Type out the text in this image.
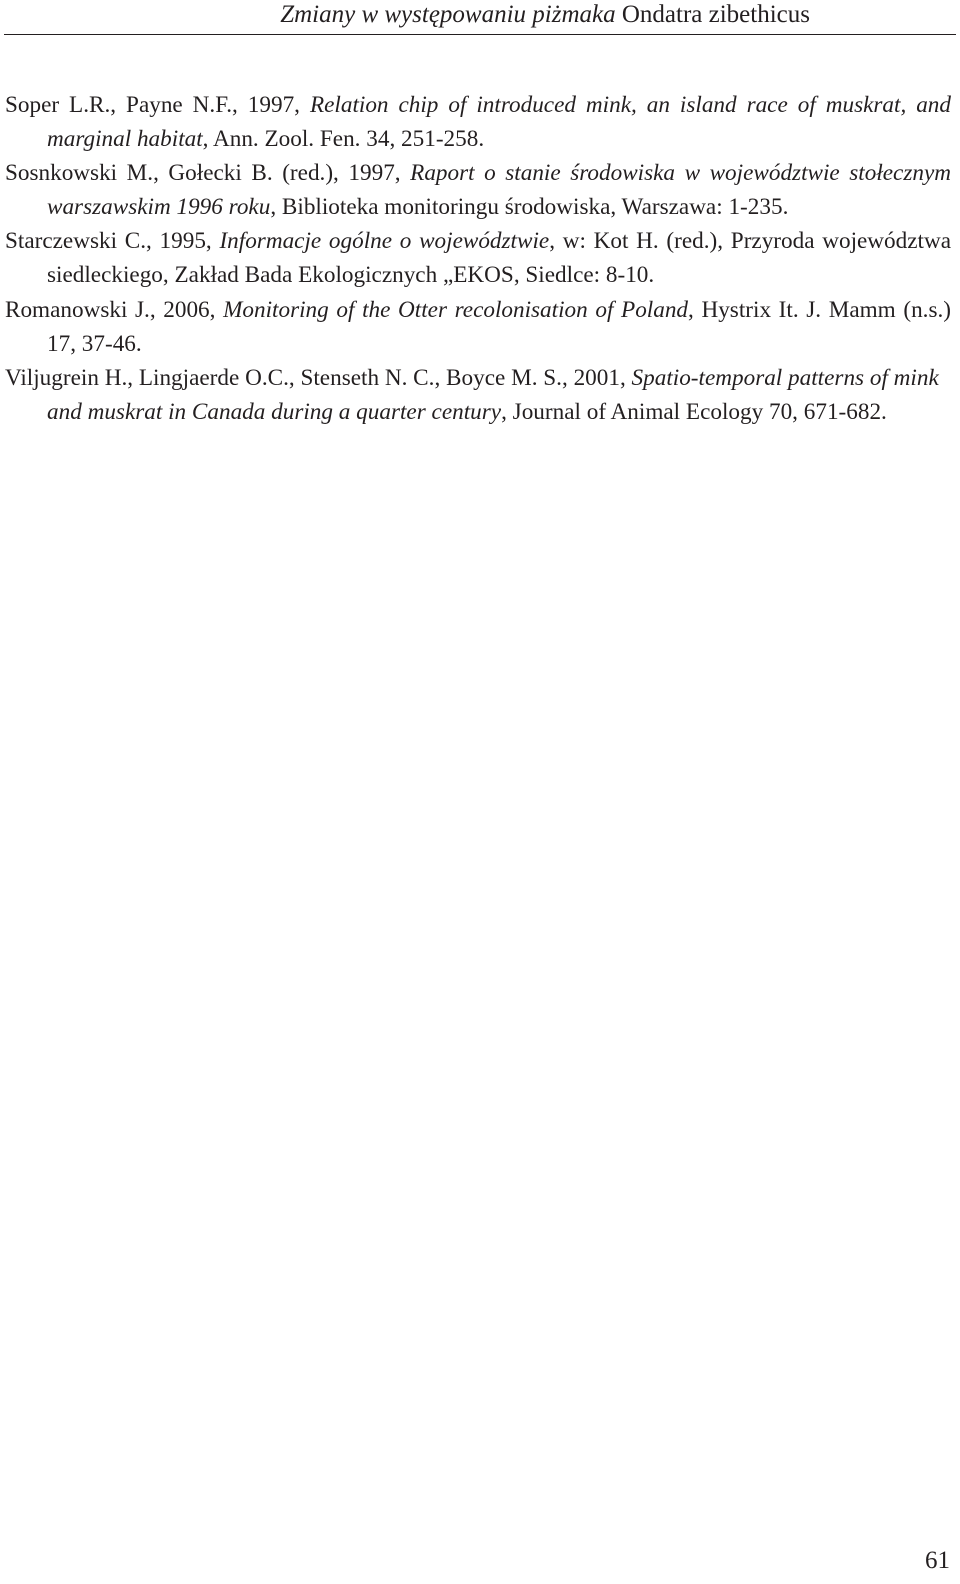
Zmiany w występowaniu piżmaka Ondatra zibethicus

Soper L.R., Payne N.F., 1997, Relation chip of introduced mink, an island race of muskrat, and marginal habitat, Ann. Zool. Fen. 34, 251-258.

Sosnkowski M., Gołecki B. (red.), 1997, Raport o stanie środowiska w województwie stołecznym warszawskim 1996 roku, Biblioteka monitoringu środowiska, Warszawa: 1-235.

Starczewski C., 1995, Informacje ogólne o województwie, w: Kot H. (red.), Przyroda województwa siedleckiego, Zakład Bada Ekologicznych „EKOS, Siedlce: 8-10.

Romanowski J., 2006, Monitoring of the Otter recolonisation of Poland, Hystrix It. J. Mamm (n.s.) 17, 37-46.

Viljugrein H., Lingjaerde O.C., Stenseth N. C., Boyce M. S., 2001, Spatio-temporal patterns of mink and muskrat in Canada during a quarter century, Journal of Animal Ecology 70, 671-682.

61
